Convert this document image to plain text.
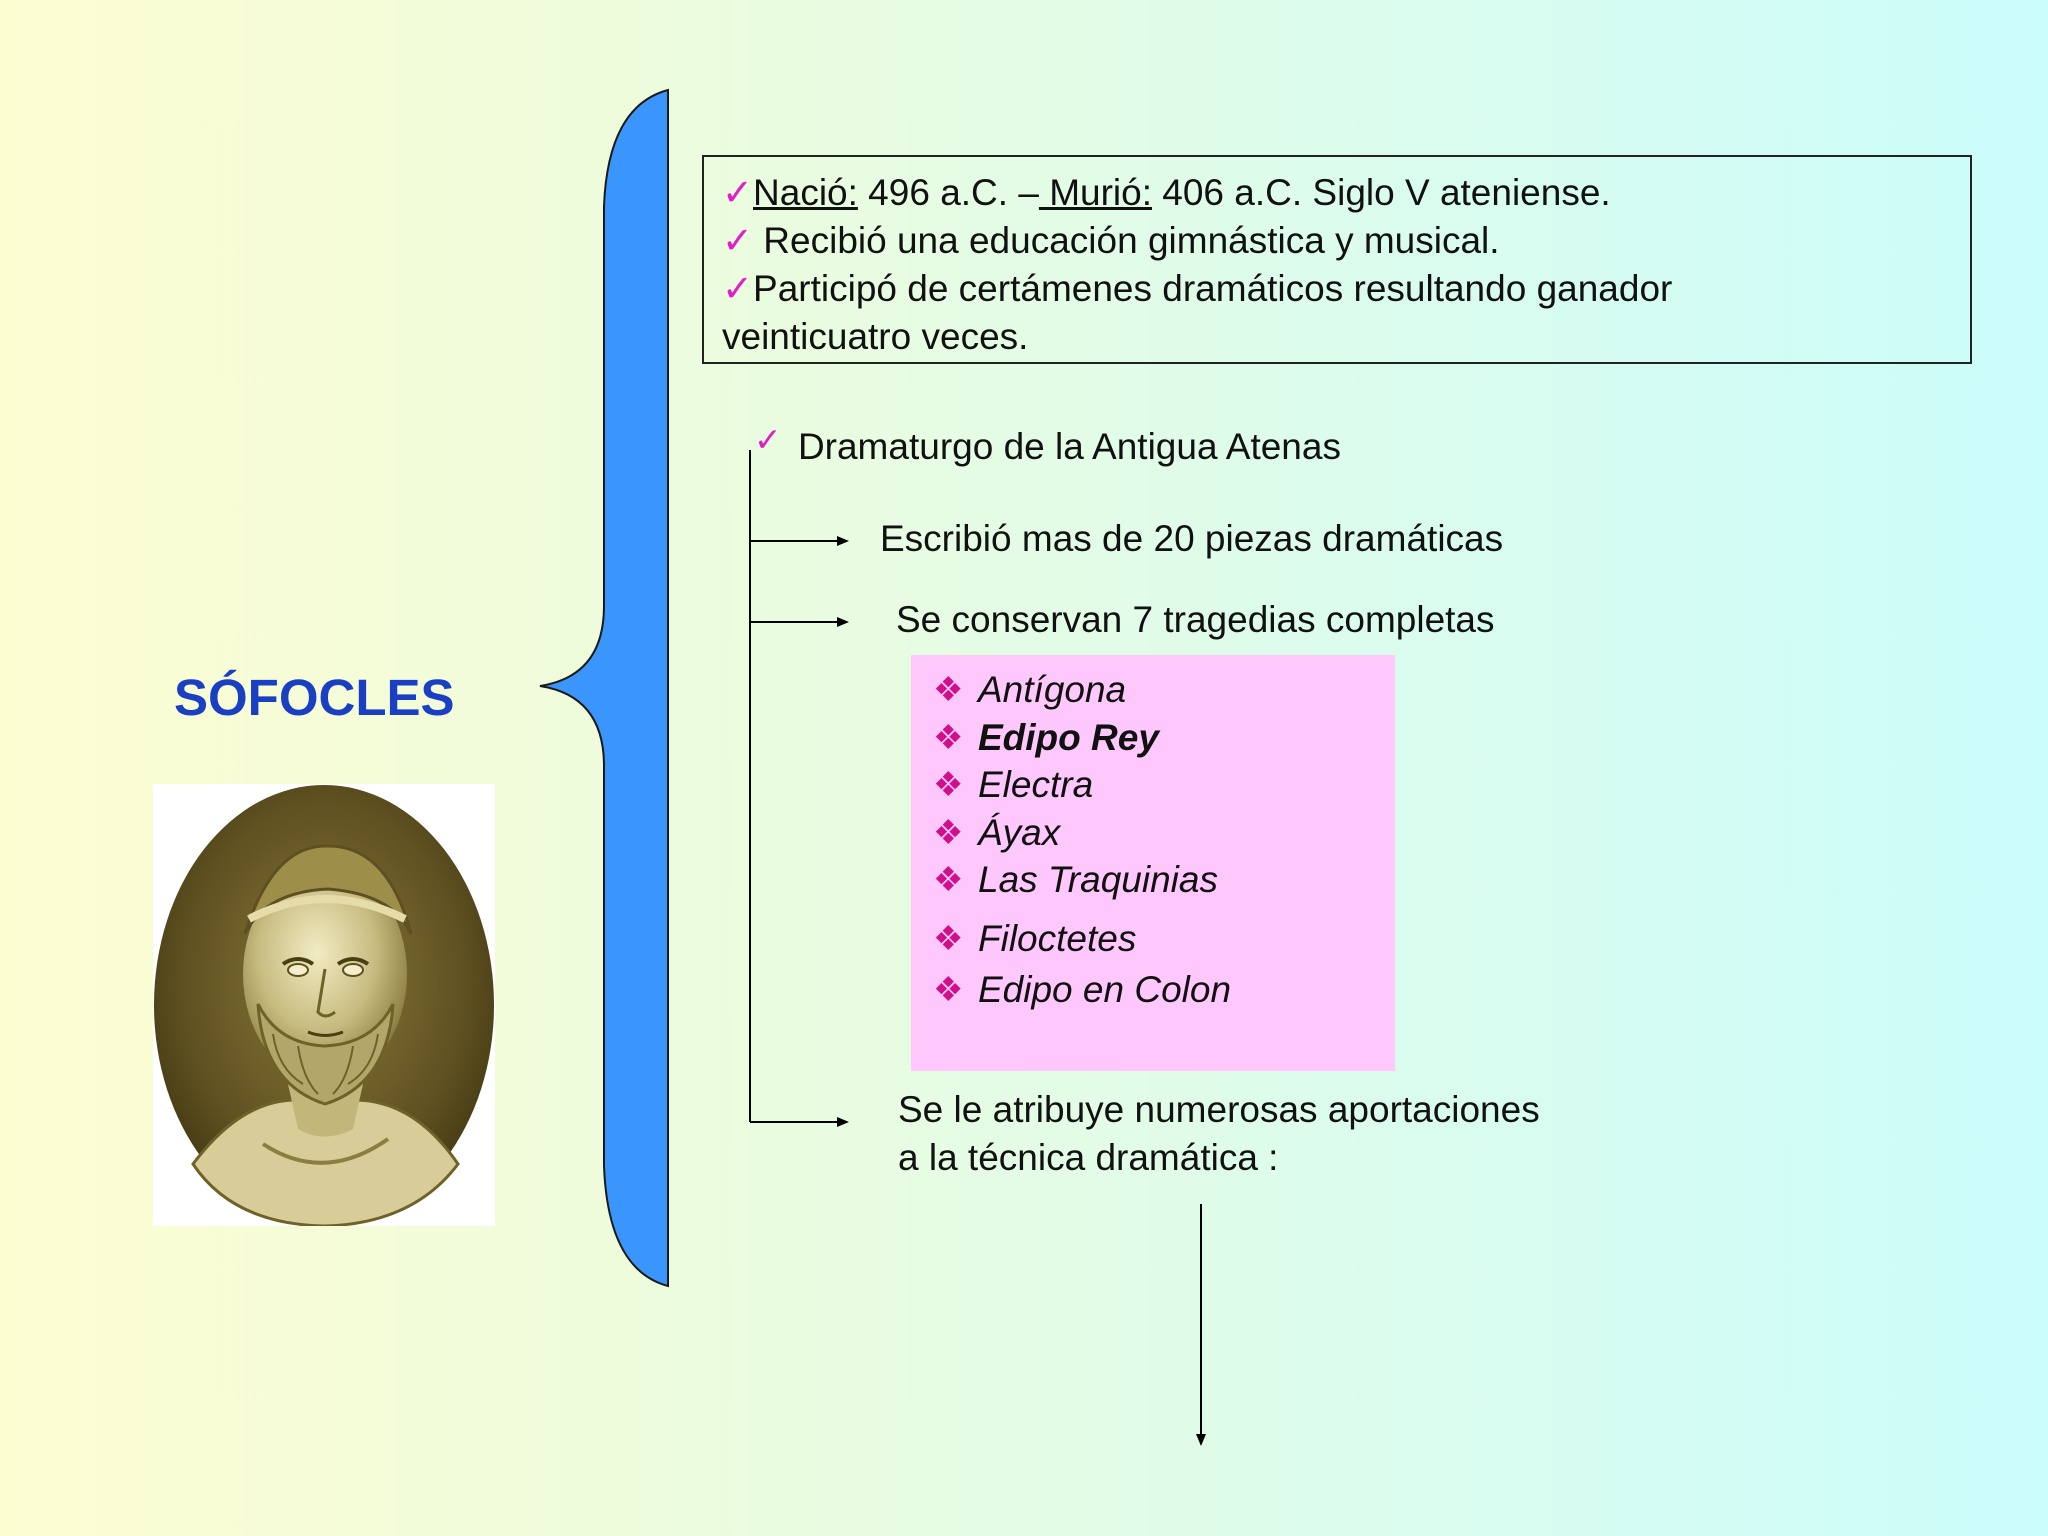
SÓFOCLES
✓Nació: 496 a.C. – Murió: 406 a.C. Siglo V ateniense.
✓ Recibió una educación gimnástica y musical.
✓Participó de certámenes dramáticos resultando ganador
veinticuatro veces.
✓ Dramaturgo de la Antigua Atenas
Escribió mas de 20 piezas dramáticas
Se conservan 7 tragedias completas
Se le atribuye numerosas aportaciones
a la técnica dramática :
❖ Antígona
❖ Edipo Rey
❖ Electra
❖ Áyax
❖ Las Traquinias
❖ Filoctetes
❖ Edipo en Colon
